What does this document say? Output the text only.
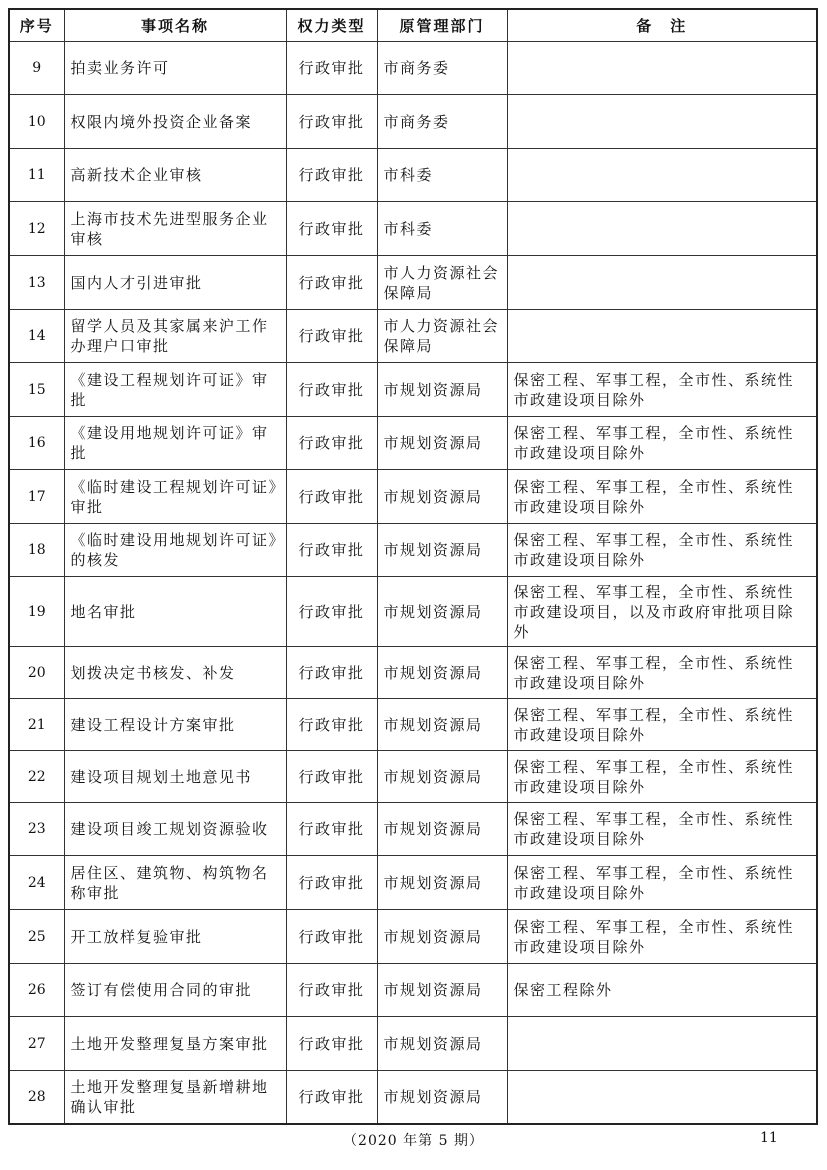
序号	事项名称	权力类型	原管理部门	备　注
9	拍卖业务许可	行政审批	市商务委	
10	权限内境外投资企业备案	行政审批	市商务委	
11	高新技术企业审核	行政审批	市科委	
12	上海市技术先进型服务企业审核	行政审批	市科委	
13	国内人才引进审批	行政审批	市人力资源社会保障局	
14	留学人员及其家属来沪工作办理户口审批	行政审批	市人力资源社会保障局	
15	《建设工程规划许可证》审批	行政审批	市规划资源局	保密工程、军事工程，全市性、系统性市政建设项目除外
16	《建设用地规划许可证》审批	行政审批	市规划资源局	保密工程、军事工程，全市性、系统性市政建设项目除外
17	《临时建设工程规划许可证》审批	行政审批	市规划资源局	保密工程、军事工程，全市性、系统性市政建设项目除外
18	《临时建设用地规划许可证》的核发	行政审批	市规划资源局	保密工程、军事工程，全市性、系统性市政建设项目除外
19	地名审批	行政审批	市规划资源局	保密工程、军事工程，全市性、系统性市政建设项目，以及市政府审批项目除外
20	划拨决定书核发、补发	行政审批	市规划资源局	保密工程、军事工程，全市性、系统性市政建设项目除外
21	建设工程设计方案审批	行政审批	市规划资源局	保密工程、军事工程，全市性、系统性市政建设项目除外
22	建设项目规划土地意见书	行政审批	市规划资源局	保密工程、军事工程，全市性、系统性市政建设项目除外
23	建设项目竣工规划资源验收	行政审批	市规划资源局	保密工程、军事工程，全市性、系统性市政建设项目除外
24	居住区、建筑物、构筑物名称审批	行政审批	市规划资源局	保密工程、军事工程，全市性、系统性市政建设项目除外
25	开工放样复验审批	行政审批	市规划资源局	保密工程、军事工程，全市性、系统性市政建设项目除外
26	签订有偿使用合同的审批	行政审批	市规划资源局	保密工程除外
27	土地开发整理复垦方案审批	行政审批	市规划资源局	
28	土地开发整理复垦新增耕地确认审批	行政审批	市规划资源局	
（2020 年第 5 期）	11
